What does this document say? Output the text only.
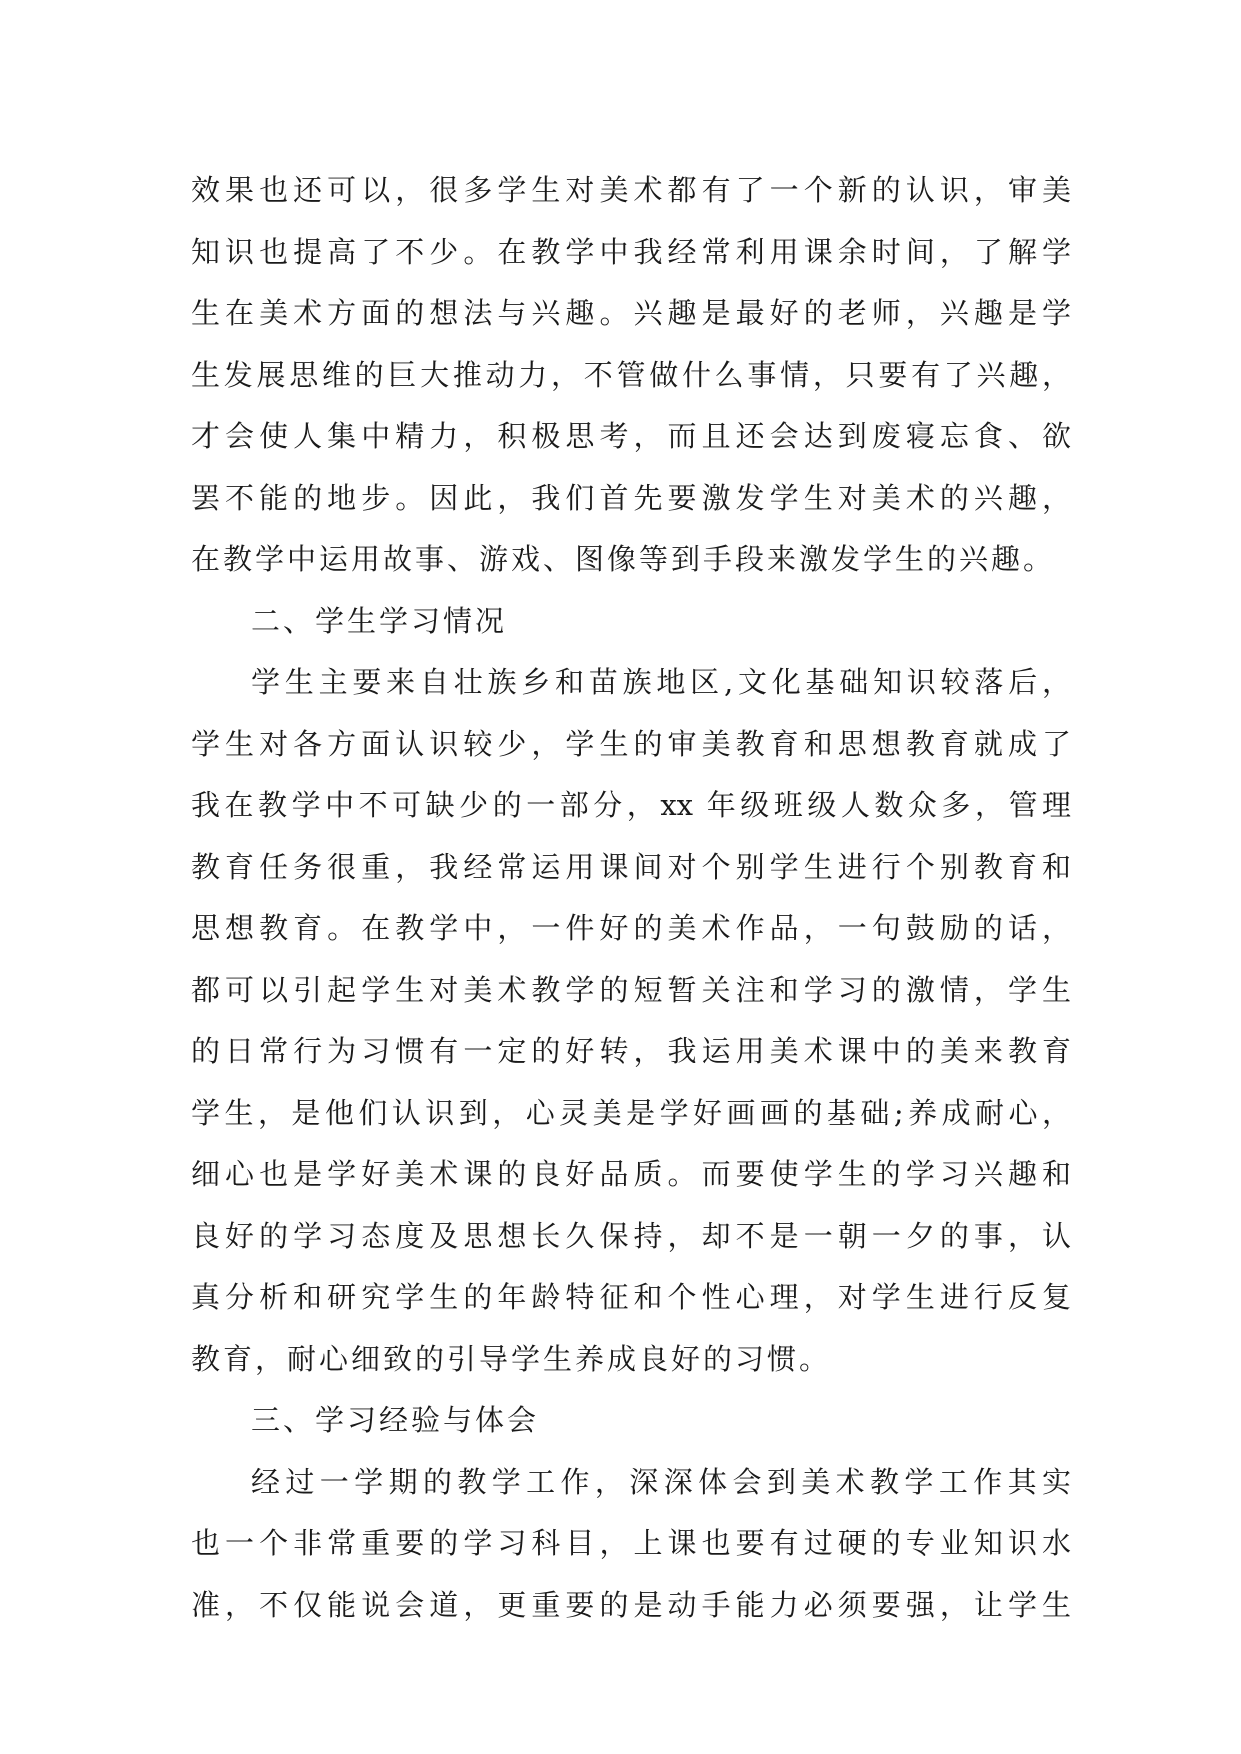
效果也还可以，很多学生对美术都有了一个新的认识，审美
知识也提高了不少。在教学中我经常利用课余时间，了解学
生在美术方面的想法与兴趣。兴趣是最好的老师，兴趣是学
生发展思维的巨大推动力，不管做什么事情，只要有了兴趣，
才会使人集中精力，积极思考，而且还会达到废寝忘食、欲
罢不能的地步。因此，我们首先要激发学生对美术的兴趣，
在教学中运用故事、游戏、图像等到手段来激发学生的兴趣。
二、学生学习情况
学生主要来自壮族乡和苗族地区,文化基础知识较落后，
学生对各方面认识较少，学生的审美教育和思想教育就成了
我在教学中不可缺少的一部分，xx 年级班级人数众多，管理
教育任务很重，我经常运用课间对个别学生进行个别教育和
思想教育。在教学中，一件好的美术作品，一句鼓励的话，
都可以引起学生对美术教学的短暂关注和学习的激情，学生
的日常行为习惯有一定的好转，我运用美术课中的美来教育
学生，是他们认识到，心灵美是学好画画的基础;养成耐心，
细心也是学好美术课的良好品质。而要使学生的学习兴趣和
良好的学习态度及思想长久保持，却不是一朝一夕的事，认
真分析和研究学生的年龄特征和个性心理，对学生进行反复
教育，耐心细致的引导学生养成良好的习惯。
三、学习经验与体会
经过一学期的教学工作，深深体会到美术教学工作其实
也一个非常重要的学习科目，上课也要有过硬的专业知识水
准，不仅能说会道，更重要的是动手能力必须要强，让学生
